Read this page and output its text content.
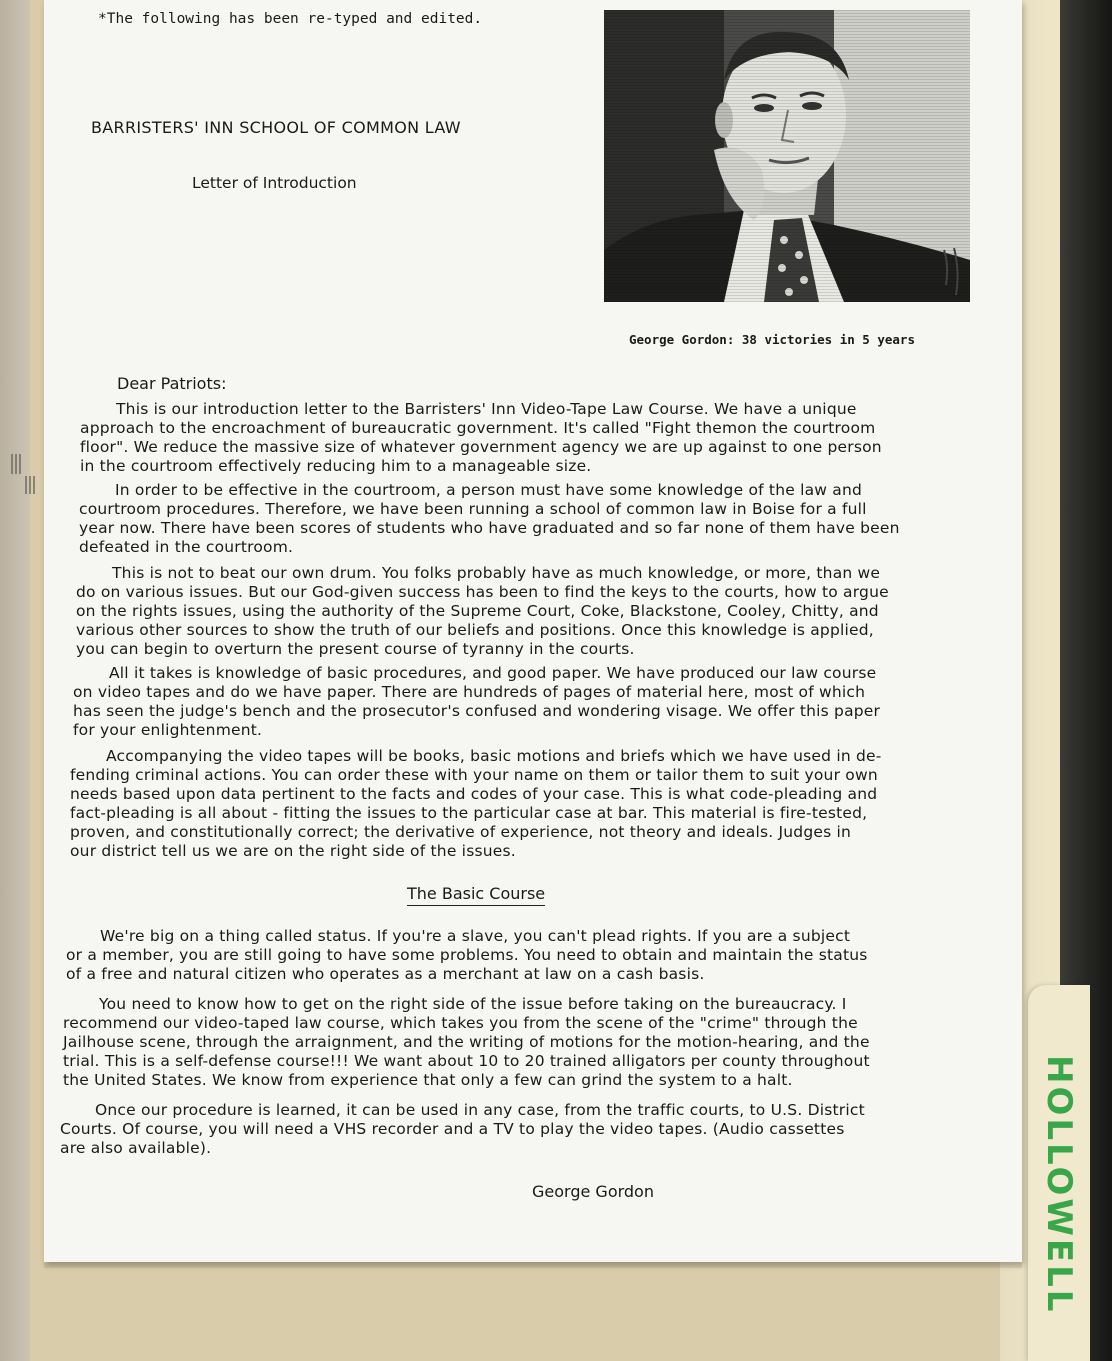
HOLLOWELL
*The following has been re-typed and edited.
BARRISTERS' INN SCHOOL OF COMMON LAW
Letter of Introduction
George Gordon: 38 victories in 5 years
Dear Patriots:
This is our introduction letter to the Barristers' Inn Video-Tape Law Course. We have a unique
approach to the encroachment of bureaucratic government. It's called "Fight themon the courtroom
floor". We reduce the massive size of whatever government agency we are up against to one person
in the courtroom effectively reducing him to a manageable size.
In order to be effective in the courtroom, a person must have some knowledge of the law and
courtroom procedures. Therefore, we have been running a school of common law in Boise for a full
year now. There have been scores of students who have graduated and so far none of them have been
defeated in the courtroom.
This is not to beat our own drum. You folks probably have as much knowledge, or more, than we
do on various issues. But our God-given success has been to find the keys to the courts, how to argue
on the rights issues, using the authority of the Supreme Court, Coke, Blackstone, Cooley, Chitty, and
various other sources to show the truth of our beliefs and positions. Once this knowledge is applied,
you can begin to overturn the present course of tyranny in the courts.
All it takes is knowledge of basic procedures, and good paper. We have produced our law course
on video tapes and do we have paper. There are hundreds of pages of material here, most of which
has seen the judge's bench and the prosecutor's confused and wondering visage. We offer this paper
for your enlightenment.
Accompanying the video tapes will be books, basic motions and briefs which we have used in de-
fending criminal actions. You can order these with your name on them or tailor them to suit your own
needs based upon data pertinent to the facts and codes of your case. This is what code-pleading and
fact-pleading is all about - fitting the issues to the particular case at bar. This material is fire-tested,
proven, and constitutionally correct; the derivative of experience, not theory and ideals. Judges in
our district tell us we are on the right side of the issues.
The Basic Course
We're big on a thing called status. If you're a slave, you can't plead rights. If you are a subject
or a member, you are still going to have some problems. You need to obtain and maintain the status
of a free and natural citizen who operates as a merchant at law on a cash basis.
You need to know how to get on the right side of the issue before taking on the bureaucracy. I
recommend our video-taped law course, which takes you from the scene of the "crime" through the
Jailhouse scene, through the arraignment, and the writing of motions for the motion-hearing, and the
trial. This is a self-defense course!!! We want about 10 to 20 trained alligators per county throughout
the United States. We know from experience that only a few can grind the system to a halt.
Once our procedure is learned, it can be used in any case, from the traffic courts, to U.S. District
Courts. Of course, you will need a VHS recorder and a TV to play the video tapes. (Audio cassettes
are also available).
George Gordon
